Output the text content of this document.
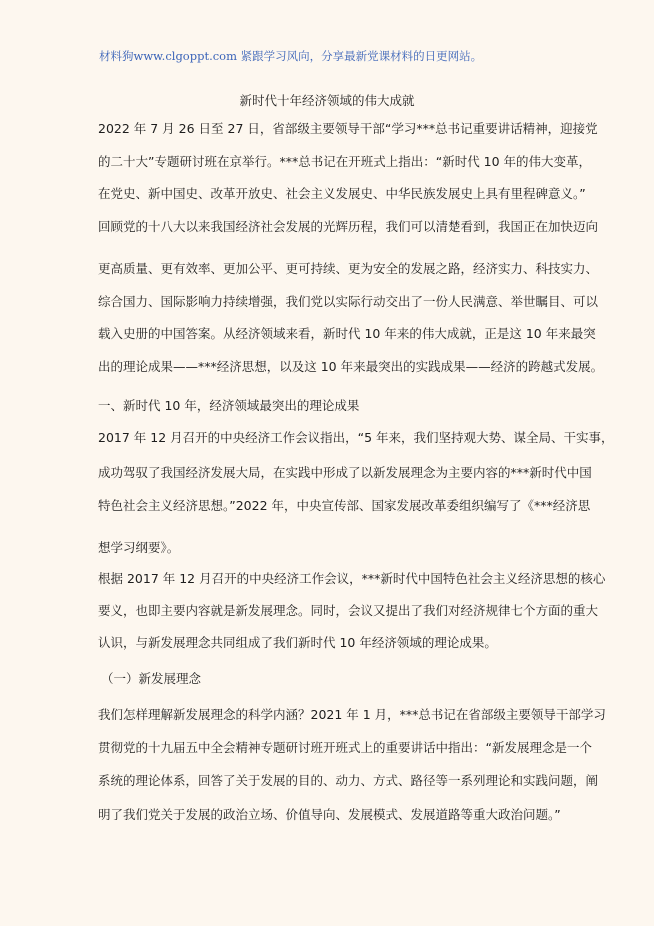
材料狗www.clgoppt.com 紧跟学习风向，分享最新党课材料的日更网站。
新时代十年经济领域的伟大成就
2022 年 7 月 26 日至 27 日，省部级主要领导干部“学习***总书记重要讲话精神，迎接党
的二十大”专题研讨班在京举行。***总书记在开班式上指出：“新时代 10 年的伟大变革，
在党史、新中国史、改革开放史、社会主义发展史、中华民族发展史上具有里程碑意义。”
回顾党的十八大以来我国经济社会发展的光辉历程，我们可以清楚看到，我国正在加快迈向
更高质量、更有效率、更加公平、更可持续、更为安全的发展之路，经济实力、科技实力、
综合国力、国际影响力持续增强，我们党以实际行动交出了一份人民满意、举世瞩目、可以
载入史册的中国答案。从经济领域来看，新时代 10 年来的伟大成就，正是这 10 年来最突
出的理论成果——***经济思想，以及这 10 年来最突出的实践成果——经济的跨越式发展。
一、新时代 10 年，经济领域最突出的理论成果
2017 年 12 月召开的中央经济工作会议指出，“5 年来，我们坚持观大势、谋全局、干实事，
成功驾驭了我国经济发展大局，在实践中形成了以新发展理念为主要内容的***新时代中国
特色社会主义经济思想。”2022 年，中央宣传部、国家发展改革委组织编写了《***经济思
想学习纲要》。
根据 2017 年 12 月召开的中央经济工作会议，***新时代中国特色社会主义经济思想的核心
要义，也即主要内容就是新发展理念。同时，会议又提出了我们对经济规律七个方面的重大
认识，与新发展理念共同组成了我们新时代 10 年经济领域的理论成果。
（一）新发展理念
我们怎样理解新发展理念的科学内涵？2021 年 1 月，***总书记在省部级主要领导干部学习
贯彻党的十九届五中全会精神专题研讨班开班式上的重要讲话中指出：“新发展理念是一个
系统的理论体系，回答了关于发展的目的、动力、方式、路径等一系列理论和实践问题，阐
明了我们党关于发展的政治立场、价值导向、发展模式、发展道路等重大政治问题。”
